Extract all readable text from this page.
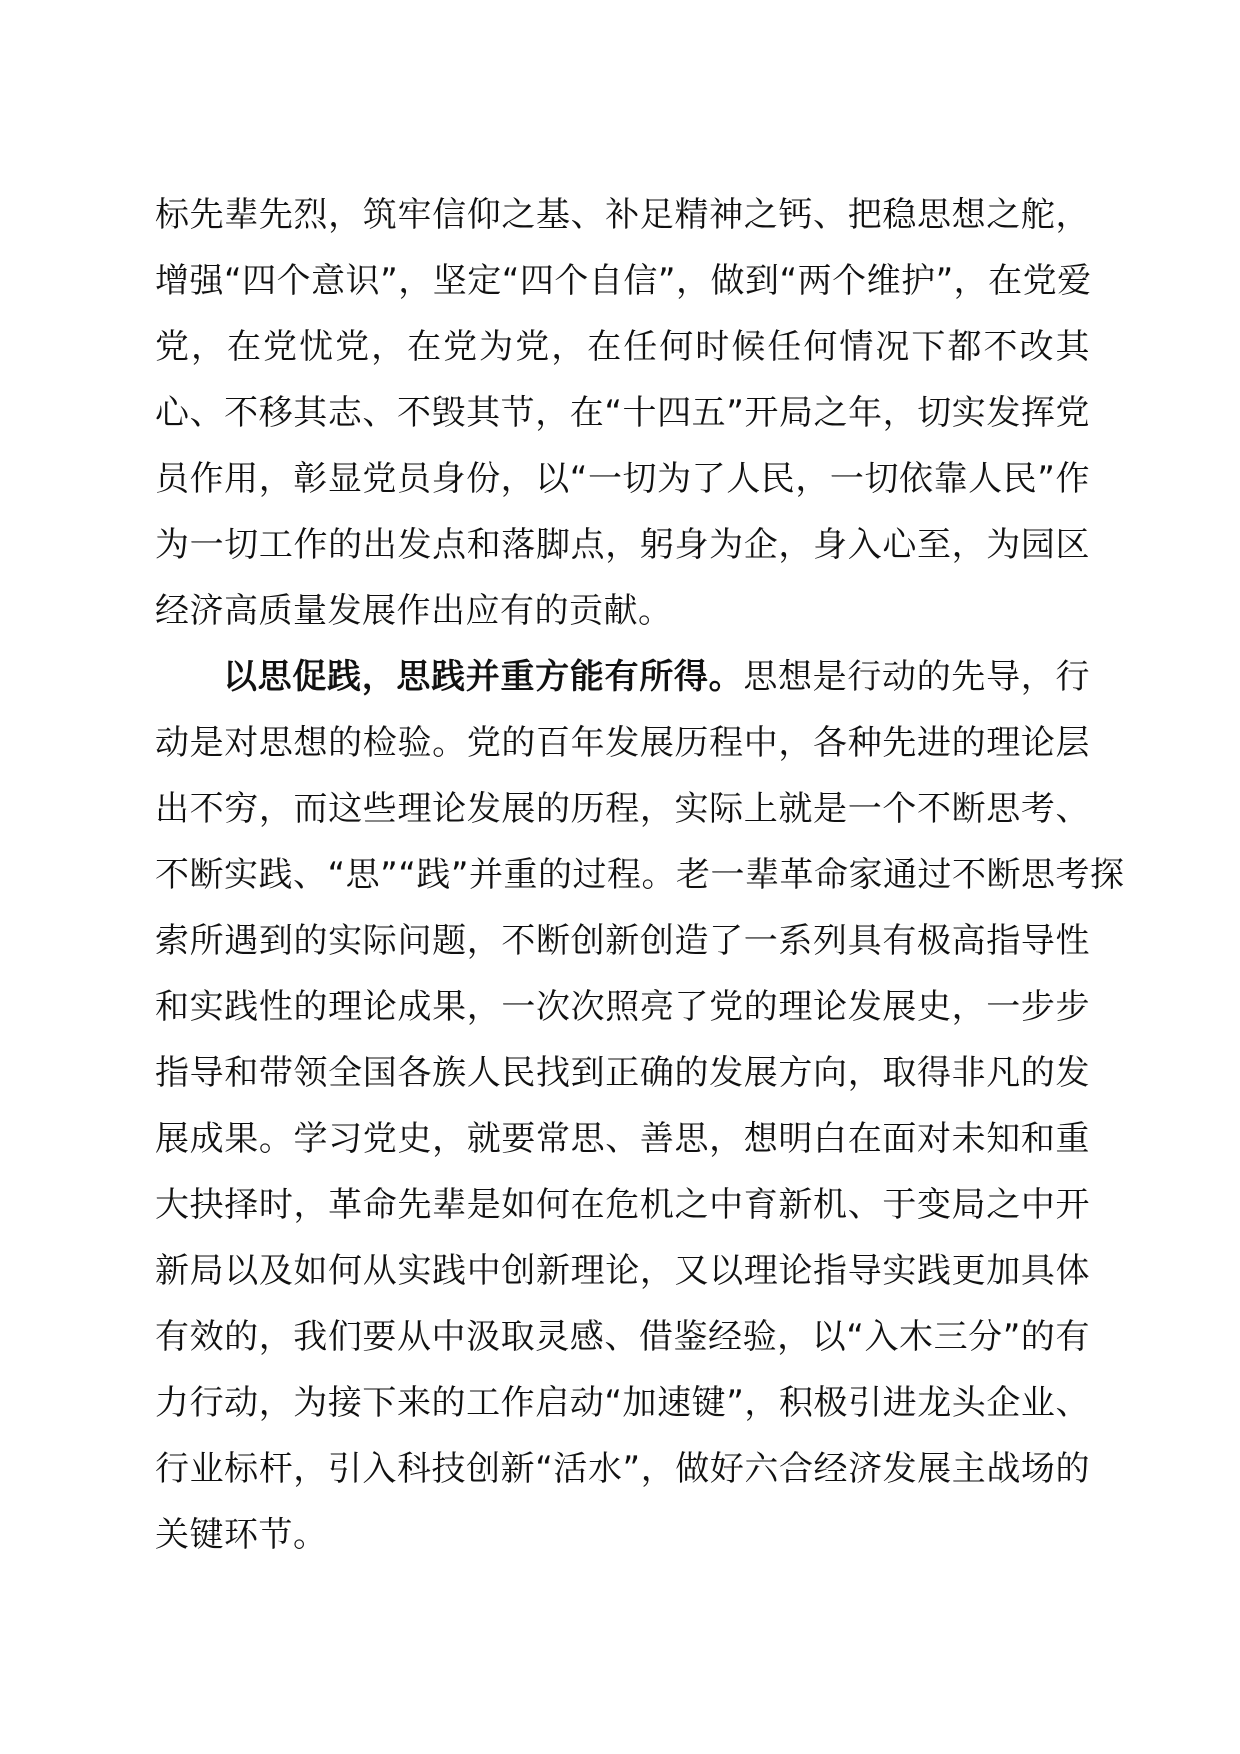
标先辈先烈，筑牢信仰之基、补足精神之钙、把稳思想之舵，
增强“四个意识”，坚定“四个自信”，做到“两个维护”，在党爱
党，在党忧党，在党为党，在任何时候任何情况下都不改其
心、不移其志、不毁其节，在“十四五”开局之年，切实发挥党
员作用，彰显党员身份，以“一切为了人民，一切依靠人民”作
为一切工作的出发点和落脚点，躬身为企，身入心至，为园区
经济高质量发展作出应有的贡献。
以思促践，思践并重方能有所得。思想是行动的先导，行
动是对思想的检验。党的百年发展历程中，各种先进的理论层
出不穷，而这些理论发展的历程，实际上就是一个不断思考、
不断实践、“思”“践”并重的过程。老一辈革命家通过不断思考探
索所遇到的实际问题，不断创新创造了一系列具有极高指导性
和实践性的理论成果，一次次照亮了党的理论发展史，一步步
指导和带领全国各族人民找到正确的发展方向，取得非凡的发
展成果。学习党史，就要常思、善思，想明白在面对未知和重
大抉择时，革命先辈是如何在危机之中育新机、于变局之中开
新局以及如何从实践中创新理论，又以理论指导实践更加具体
有效的，我们要从中汲取灵感、借鉴经验，以“入木三分”的有
力行动，为接下来的工作启动“加速键”，积极引进龙头企业、
行业标杆，引入科技创新“活水”，做好六合经济发展主战场的
关键环节。
